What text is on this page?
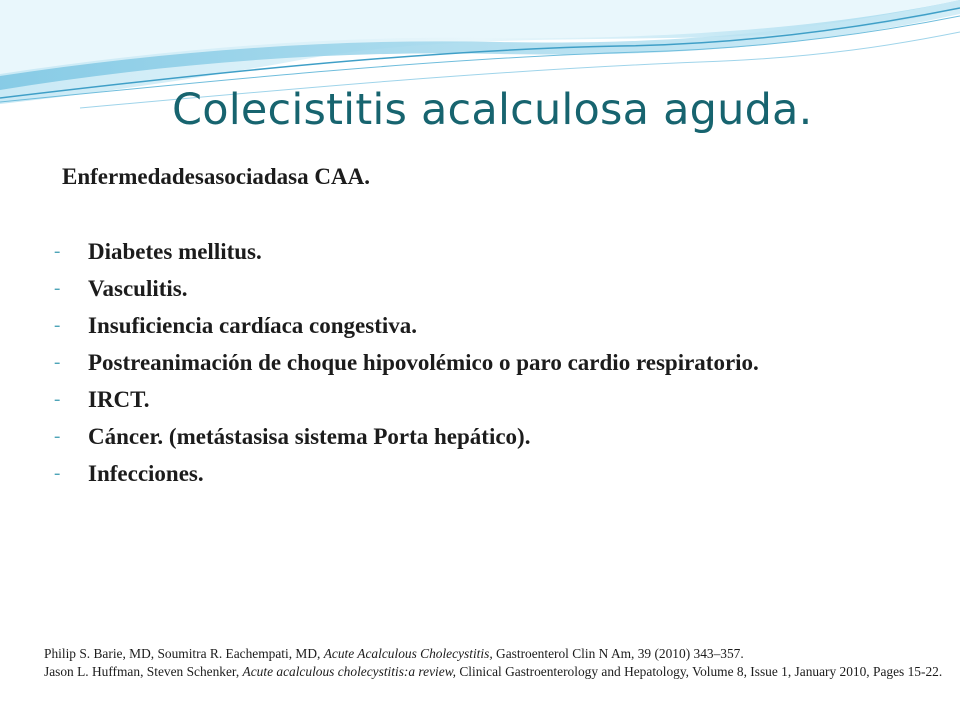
Colecistitis acalculosa aguda.

Enfermedadesasociadasa CAA.

- Diabetes mellitus.
- Vasculitis.
- Insuficiencia cardíaca congestiva.
- Postreanimación de choque hipovolémico o paro cardio respiratorio.
- IRCT.
- Cáncer. (metástasisa sistema Porta hepático).
- Infecciones.

Philip S. Barie, MD, Soumitra R. Eachempati, MD, Acute Acalculous Cholecystitis, Gastroenterol Clin N Am, 39 (2010) 343–357.
Jason L. Huffman, Steven Schenker, Acute acalculous cholecystitis:a review, Clinical Gastroenterology and Hepatology, Volume 8, Issue 1, January 2010, Pages 15-22.
